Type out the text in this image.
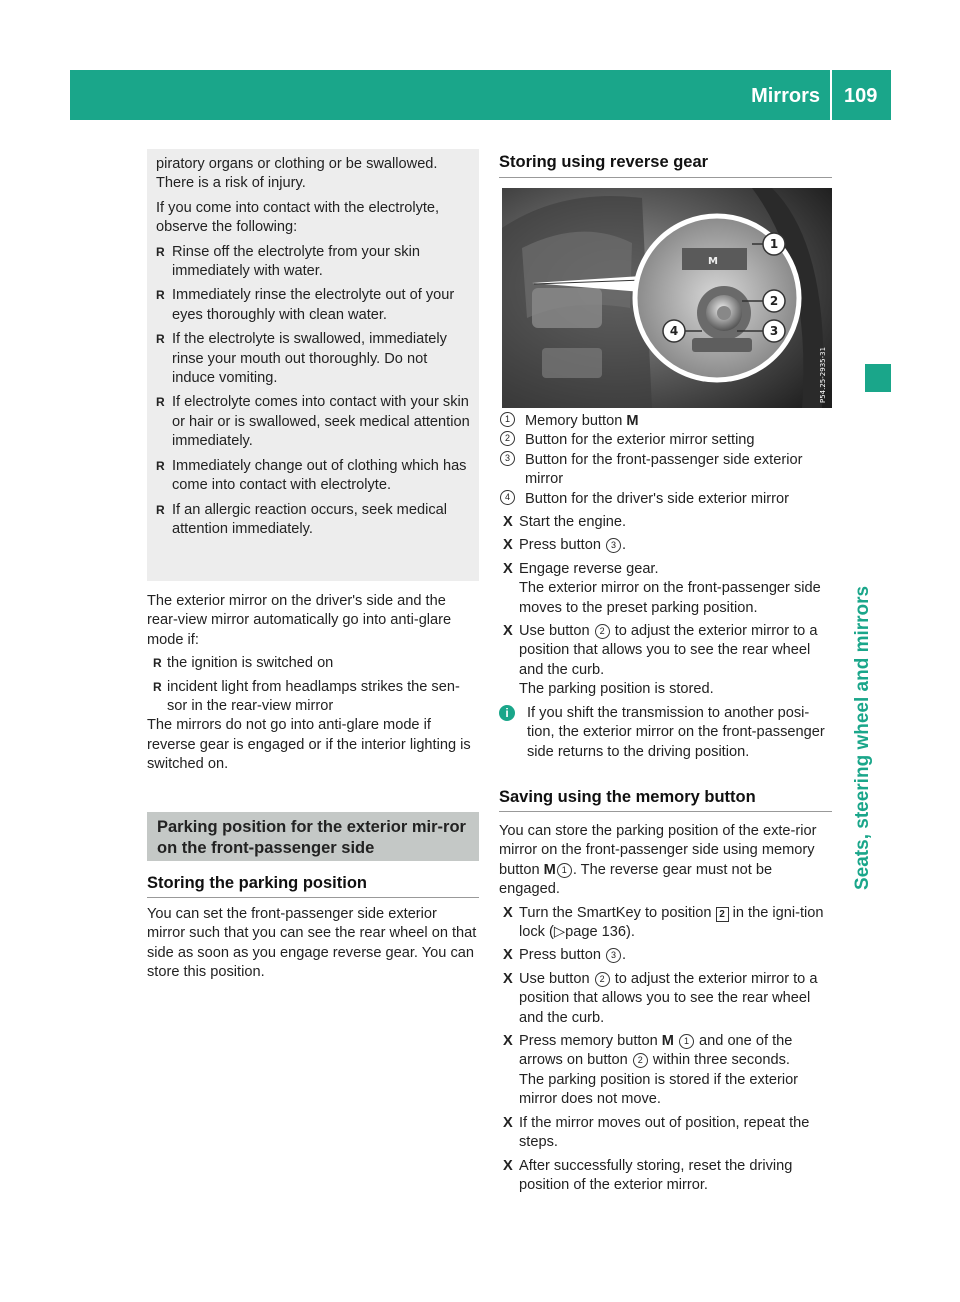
Mirrors 109
Seats, steering wheel and mirrors

piratory organs or clothing or be swallowed.

There is a risk of injury.

If you come into contact with the electrolyte, observe the following:

R Rinse off the electrolyte from your skin immediately with water.
R Immediately rinse the electrolyte out of your eyes thoroughly with clean water.
R If the electrolyte is swallowed, immediately rinse your mouth out thoroughly. Do not induce vomiting.
R If electrolyte comes into contact with your skin or hair or is swallowed, seek medical attention immediately.
R Immediately change out of clothing which has come into contact with electrolyte.
R If an allergic reaction occurs, seek medical attention immediately.

The exterior mirror on the driver's side and the rear-view mirror automatically go into anti-glare mode if:

R the ignition is switched on
R incident light from headlamps strikes the sen-sor in the rear-view mirror

The mirrors do not go into anti-glare mode if reverse gear is engaged or if the interior lighting is switched on.

Parking position for the exterior mir-ror on the front-passenger side
Storing the parking position

You can set the front-passenger side exterior mirror such that you can see the rear wheel on that side as soon as you engage reverse gear. You can store this position.

Storing using reverse gear
M
1
2
3
4
P54.25-2935-31
1	Memory button M
2	Button for the exterior mirror setting
3	Button for the front-passenger side exterior mirror
4	Button for the driver's side exterior mirror
X Start the engine.
X Press button 3 .
X Engage reverse gear.
The exterior mirror on the front-passenger side moves to the preset parking position.
X Use button 2 to adjust the exterior mirror to a position that allows you to see the rear wheel and the curb.
The parking position is stored.
i	If you shift the transmission to another posi-tion, the exterior mirror on the front-passenger side returns to the driving position.
Saving using the memory button
You can store the parking position of the exte-rior mirror on the front-passenger side using memory button M 1 . The reverse gear must not be engaged.
X Turn the SmartKey to position 2 in the igni-tion lock (▷page 136).
X Press button 3 .
X Use button 2 to adjust the exterior mirror to a position that allows you to see the rear wheel and the curb.
X Press memory button M 1 and one of the arrows on button 2 within three seconds.
The parking position is stored if the exterior mirror does not move.
X If the mirror moves out of position, repeat the steps.
X After successfully storing, reset the driving position of the exterior mirror.
